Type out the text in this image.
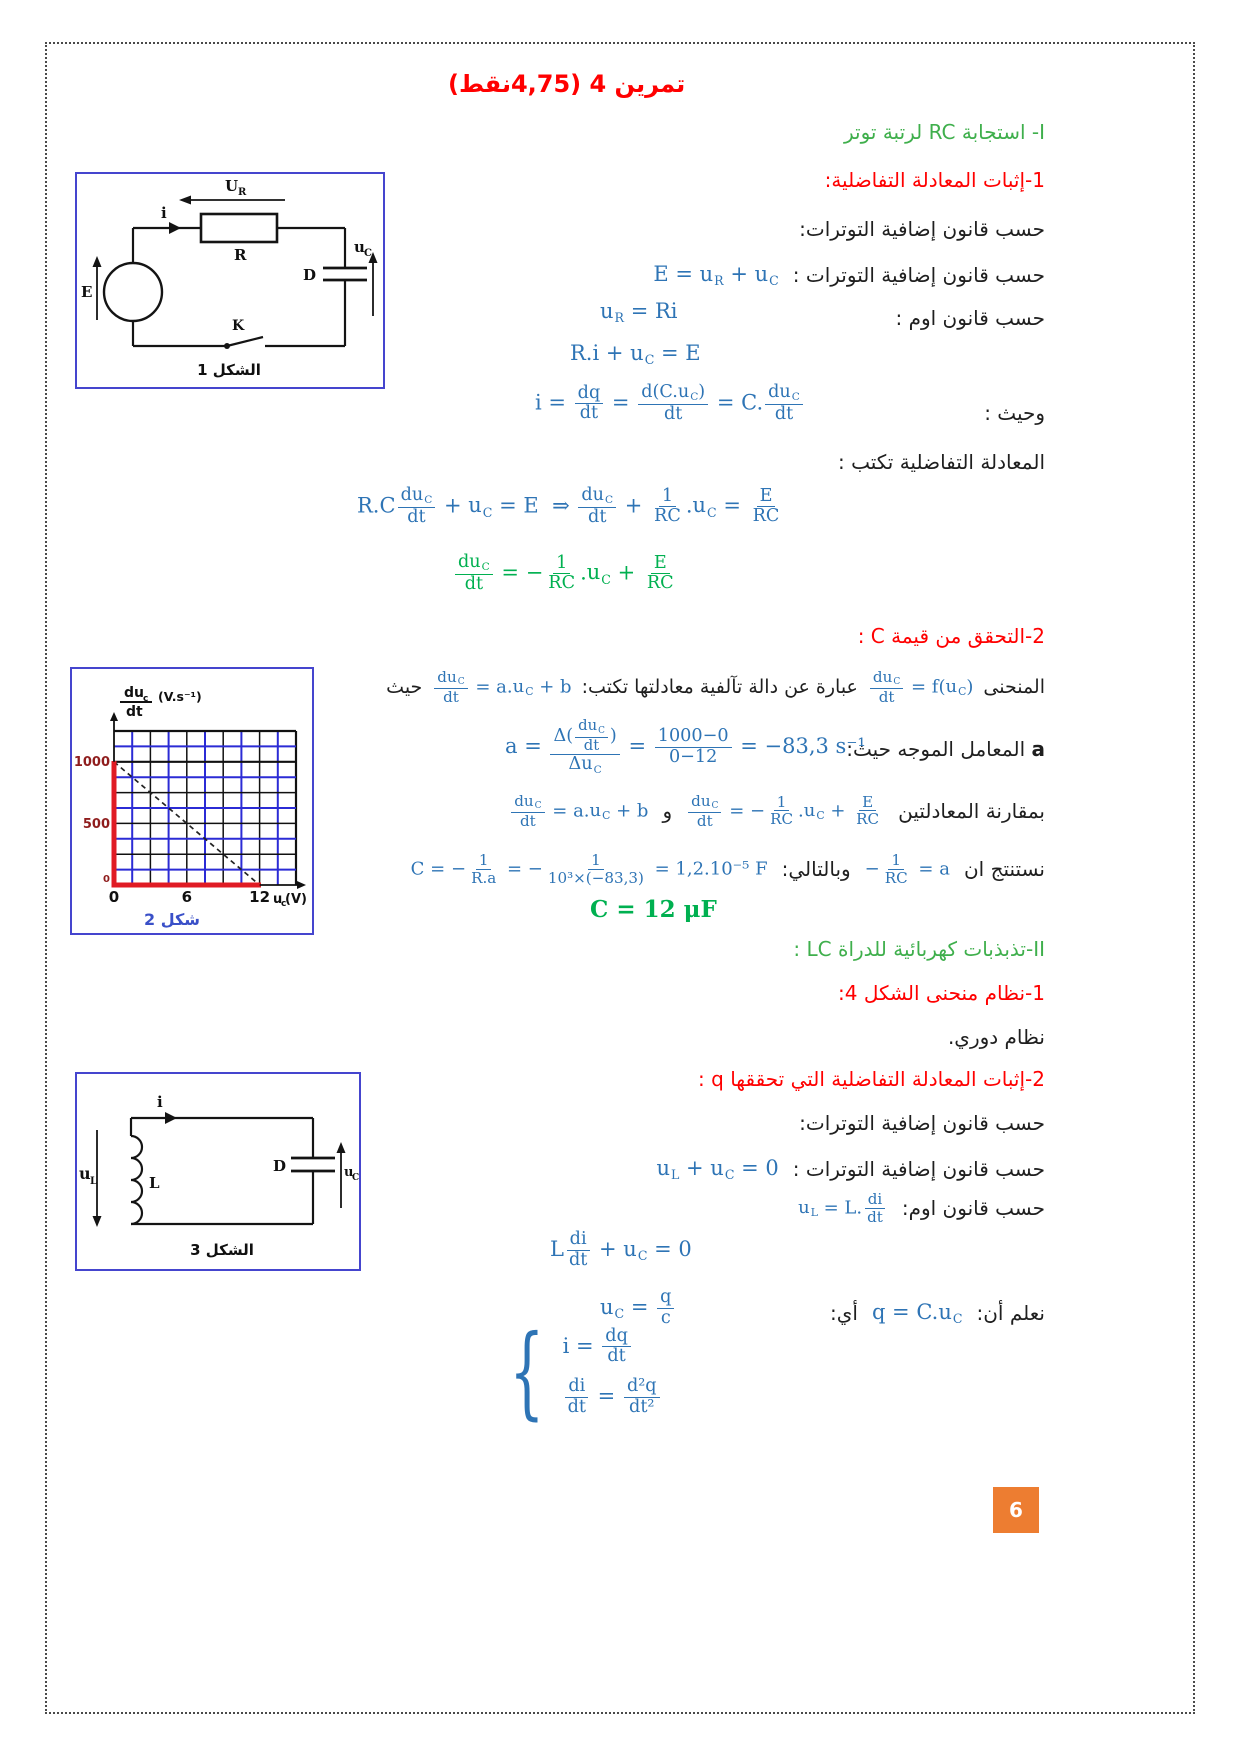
تمرين 4 (4,75نقط)
i
U R
R
E
D
u C
K
الشكل 1
1000
500
0
0	6	12 u
c
(V)
du c
dt
(V.s⁻¹)
شكل 2
i
L
u L
D	u
C
الشكل 3
I- استجابة RC لرتبة توتر
1-إثبات المعادلة التفاضلية:
حسب قانون إضافية التوترات:
حسب قانون إضافية التوترات :
E = uR + uC
حسب قانون اوم :
uR = Ri
R.i + uC = E
وحيث :
$i = \frac{dq}{dt} = \frac{d(C.uC)}{dt} = C$. $\frac{\text{duC}}{dt}$
المعادلة التفاضلية تكتب :
$R.C \frac{\text{duC}}{dt}$ + uC = E  ⇒ $\frac{\text{duC}}{dt} + \frac{1}{RC} .uC = \frac{E}{RC}$
$\frac{\text{duC}}{dt}$ = − $\frac{1}{RC} .uC + \frac{E}{RC}$
2-التحقق من قيمة C :
المنحنى
$\frac{\text{duC}}{dt} = f(uC)$
عبارة عن دالة تآلفية معادلتها تكتب:
$\frac{\text{duC}}{dt} = a.uC + b$
حيث
a المعامل الموجه حيث:
$a = \frac{\Delta( \frac{\text{duC}}{dt} )}{\text{ΔuC}} = \frac{1000-0}{0-12} = -83,3$ s⁻¹
بمقارنة المعادلتين
$\frac{\text{duC}}{dt}$ = − $\frac{1}{RC} .uC + \frac{E}{RC}$
و
$\frac{\text{duC}}{dt} = a.uC + b$
نستنتج ان
− $\frac{1}{RC} = a$
وبالتالي:
C = − $\frac{1}{R.a}$ = − $\frac{1}{\text{10³×(−83,3)}} = 1,2.10^{-5}$ F
C = 12 μF
II-تذبذبات كهربائية للدراة LC :
1-نظام منحنى الشكل 4:
نظام دوري.
2-إثبات المعادلة التفاضلية التي تحققها q :
حسب قانون إضافية التوترات:
حسب قانون إضافية التوترات :
uL + uC = 0
حسب قانون اوم:
uL = L. $\frac{di}{dt}$
L $\frac{di}{dt}$ + uC = 0
نعلم أن:
q = C.uC
أي:
uC = $\frac{q}{c}$
{ $i = \frac{dq}{dt}$
$\frac{di}{dt} = \frac{\text{d²q}}{\text{dt²}}$
6
